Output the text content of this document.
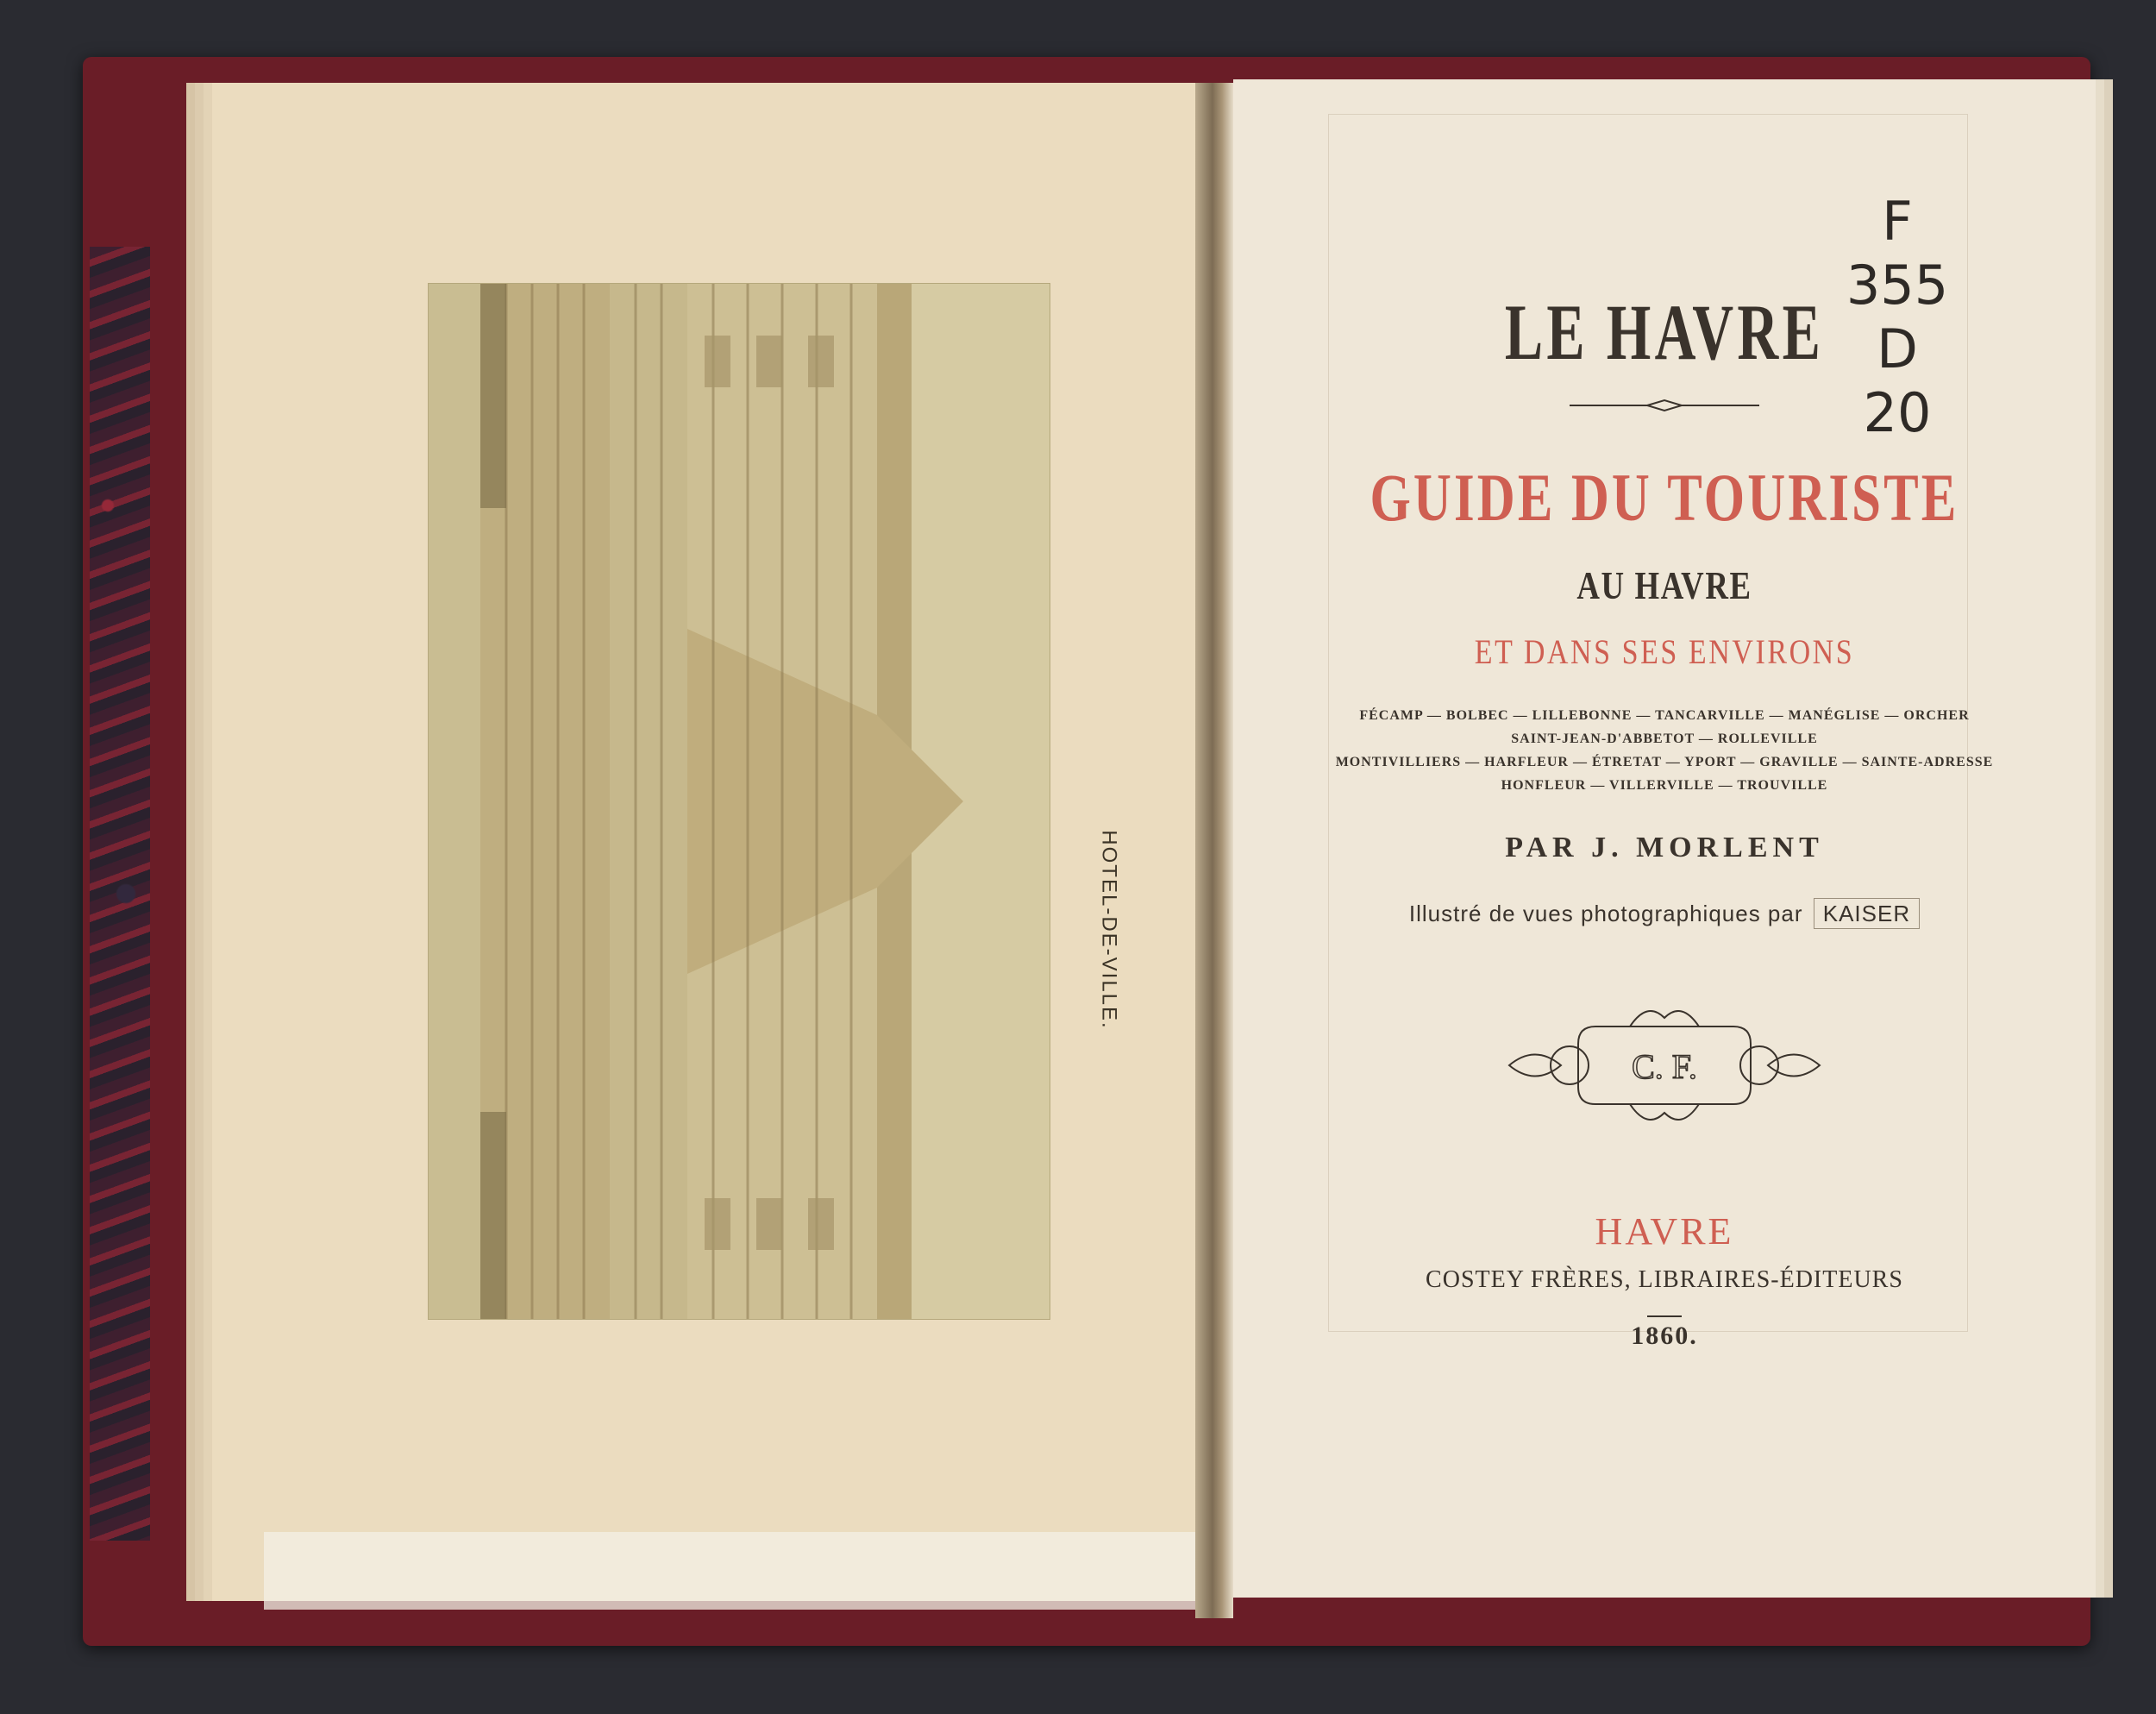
HOTEL-DE-VILLE.
LE HAVRE
GUIDE DU TOURISTE
AU HAVRE
ET DANS SES ENVIRONS
FÉCAMP — BOLBEC — LILLEBONNE — TANCARVILLE — MANÉGLISE — ORCHER
SAINT-JEAN-D'ABBETOT — ROLLEVILLE
MONTIVILLIERS — HARFLEUR — ÉTRETAT — YPORT — GRAVILLE — SAINTE-ADRESSE
HONFLEUR — VILLERVILLE — TROUVILLE
PAR J. MORLENT
Illustré de vues photographiques par KAISER
C. F.
HAVRE
COSTEY FRÈRES, LIBRAIRES-ÉDITEURS
1860.
F
355
D
20
